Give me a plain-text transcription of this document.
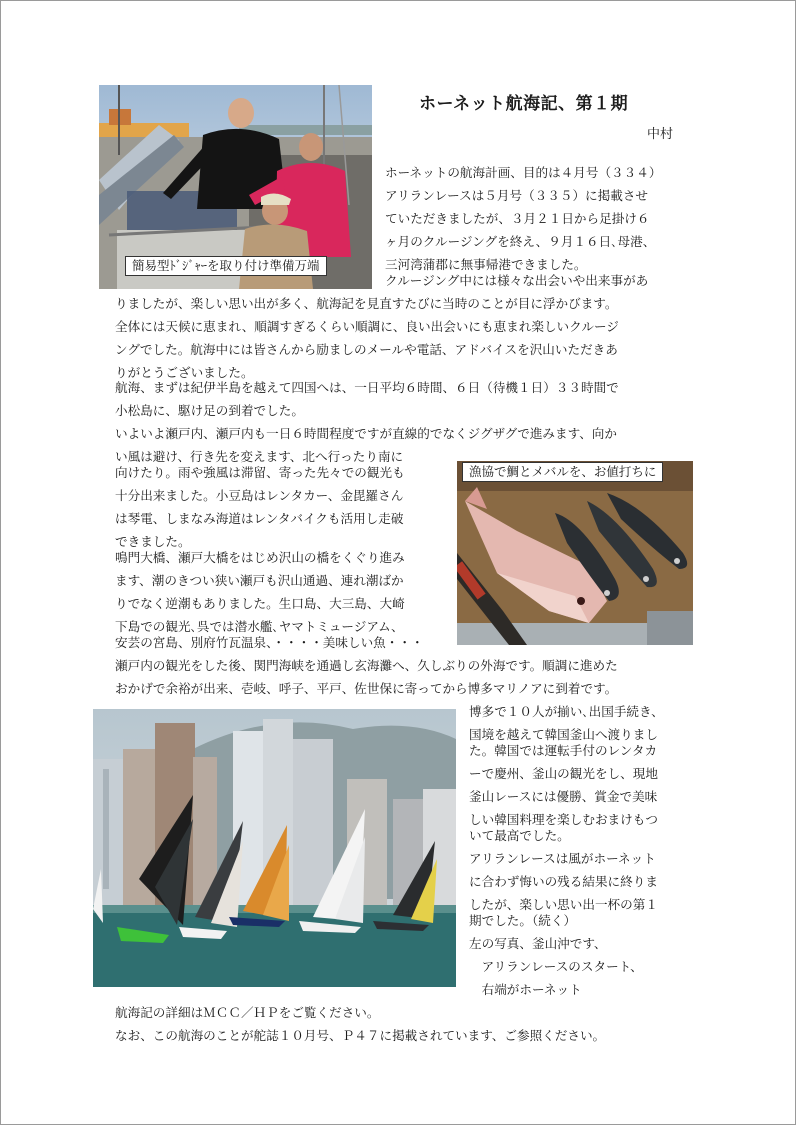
ホーネット航海記、第１期
中村
簡易型ﾄﾞｼﾞｬｰを取り付け準備万端
漁協で鯛とメバルを、お値打ちに
ホーネットの航海計画、目的は４月号（３３４）
アリランレースは５月号（３３５）に掲載させ
ていただきましたが、３月２１日から足掛け６
ヶ月のクルージングを終え、９月１６日､母港、
三河湾蒲郡に無事帰港できました。
クルージング中には様々な出会いや出来事があ
りましたが、楽しい思い出が多く、航海記を見直すたびに当時のことが目に浮かびます。
全体には天候に恵まれ、順調すぎるくらい順調に、良い出会いにも恵まれ楽しいクルージ
ングでした。航海中には皆さんから励ましのメールや電話、アドバイスを沢山いただきあ
りがとうございました。
航海、まずは紀伊半島を越えて四国へは、一日平均６時間、６日（待機１日）３３時間で
小松島に、駆け足の到着でした。
いよいよ瀬戸内、瀬戸内も一日６時間程度ですが直線的でなくジグザグで進みます、向か
い風は避け、行き先を変えます、北へ行ったり南に
向けたり。雨や強風は滞留、寄った先々での観光も
十分出来ました。小豆島はレンタカー、金毘羅さん
は琴電、しまなみ海道はレンタバイクも活用し走破
できました。
鳴門大橋、瀬戸大橋をはじめ沢山の橋をくぐり進み
ます、潮のきつい狭い瀬戸も沢山通過、連れ潮ばか
りでなく逆潮もありました。生口島、大三島、大崎
下島での観光､呉では潜水艦､ヤマトミュージアム、
安芸の宮島、別府竹瓦温泉、・・・・美味しい魚・・・
瀬戸内の観光をした後、関門海峡を通過し玄海灘へ、久しぶりの外海です。順調に進めた
おかげで余裕が出来、壱岐、呼子、平戸、佐世保に寄ってから博多マリノアに到着です。
博多で１０人が揃い､出国手続き、
国境を越えて韓国釜山へ渡りまし
た。韓国では運転手付のレンタカ
ーで慶州、釜山の観光をし、現地
釜山レースには優勝、賞金で美味
しい韓国料理を楽しむおまけもつ
いて最高でした。
アリランレースは風がホーネット
に合わず悔いの残る結果に終りま
したが、楽しい思い出一杯の第１
期でした。（続く）
左の写真、釜山沖です、
　アリランレースのスタート、
　右端がホーネット
航海記の詳細はＭＣＣ／ＨＰをご覧ください。
なお、この航海のことが舵誌１０月号、Ｐ４７に掲載されています、ご参照ください。
